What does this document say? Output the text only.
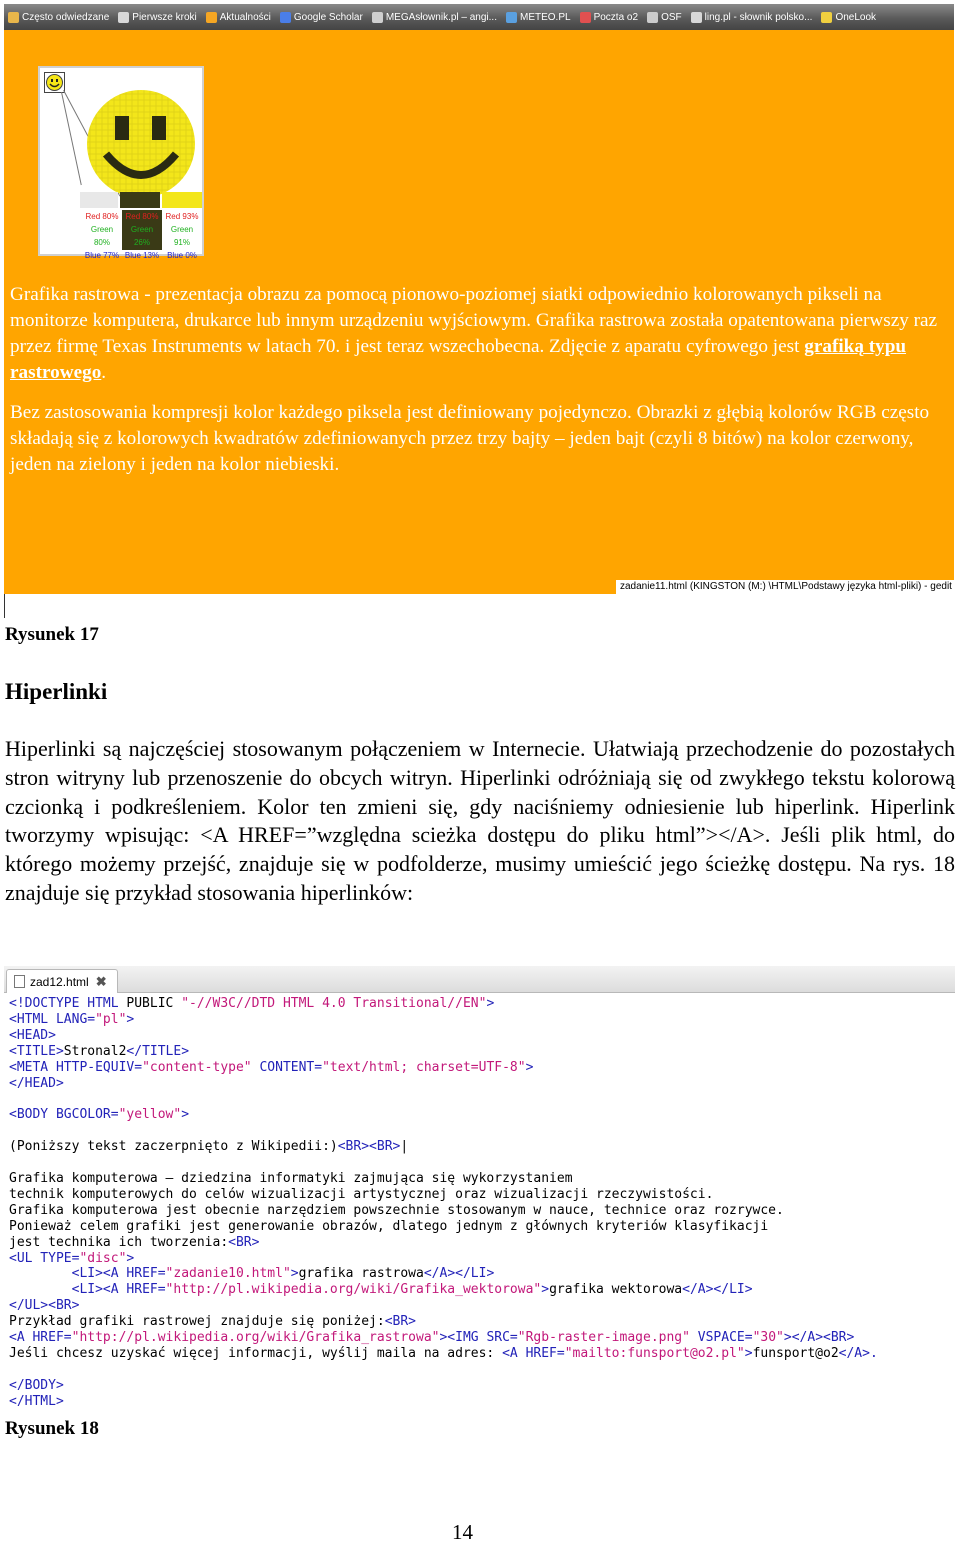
Często odwiedzane Pierwsze kroki Aktualności Google Scholar MEGAsłownik.pl – angi... METEO.PL Poczta o2 OSF ling.pl - słownik polsko... OneLook
Red 80%
Green 80%
Blue 77%
Red 80%
Green 26%
Blue 13%
Red 93%
Green 91%
Blue 0%

Grafika rastrowa - prezentacja obrazu za pomocą pionowo-poziomej siatki odpowiednio kolorowanych pikseli na monitorze komputera, drukarce lub innym urządzeniu wyjściowym. Grafika rastrowa została opatentowana pierwszy raz przez firmę Texas Instruments w latach 70. i jest teraz wszechobecna. Zdjęcie z aparatu cyfrowego jest grafiką typu rastrowego.

Bez zastosowania kompresji kolor każdego piksela jest definiowany pojedynczo. Obrazki z głębią kolorów RGB często składają się z kolorowych kwadratów zdefiniowanych przez trzy bajty – jeden bajt (czyli 8 bitów) na kolor czerwony, jeden na zielony i jeden na kolor niebieski.

zadanie11.html (KINGSTON (M:) \HTML\Podstawy języka html-pliki) - gedit
Rysunek 17
Hiperlinki

Hiperlinki są najczęściej stosowanym połączeniem w Internecie. Ułatwiają przechodzenie do pozostałych stron witryny lub przenoszenie do obcych witryn. Hiperlinki odróżniają się od zwykłego tekstu kolorową czcionką i podkreśleniem. Kolor ten zmieni się, gdy naciśniemy odniesienie lub hiperlink. Hiperlink tworzymy wpisując: <A HREF=”względna scieżka dostępu do pliku html”></A>. Jeśli plik html, do którego możemy przejść, znajduje się w podfolderze, musimy umieścić jego ścieżkę dostępu. Na rys. 18 znajduje się przykład stosowania hiperlinków:

zad12.html ✖
<!DOCTYPE HTML PUBLIC "-//W3C//DTD HTML 4.0 Transitional//EN">
<HTML LANG="pl">
<HEAD>
<TITLE>Stronal2</TITLE>
<META HTTP-EQUIV="content-type" CONTENT="text/html; charset=UTF-8">
</HEAD>

<BODY BGCOLOR="yellow">

(Poniższy tekst zaczerpnięto z Wikipedii:)<BR><BR>|

Grafika komputerowa – dziedzina informatyki zajmująca się wykorzystaniem
technik komputerowych do celów wizualizacji artystycznej oraz wizualizacji rzeczywistości.
Grafika komputerowa jest obecnie narzędziem powszechnie stosowanym w nauce, technice oraz rozrywce.
Ponieważ celem grafiki jest generowanie obrazów, dlatego jednym z głównych kryteriów klasyfikacji
jest technika ich tworzenia:<BR>
<UL TYPE="disc">
<LI><A HREF="zadanie10.html">grafika rastrowa</A></LI>
<LI><A HREF="http://pl.wikipedia.org/wiki/Grafika_wektorowa">grafika wektorowa</A></LI>
</UL><BR>
Przykład grafiki rastrowej znajduje się poniżej:<BR>
<A HREF="http://pl.wikipedia.org/wiki/Grafika_rastrowa"><IMG SRC="Rgb-raster-image.png" VSPACE="30"></A><BR>
Jeśli chcesz uzyskać więcej informacji, wyślij maila na adres: <A HREF="mailto:funsport@o2.pl">funsport@o2</A>.

</BODY>
</HTML>
Rysunek 18
14
